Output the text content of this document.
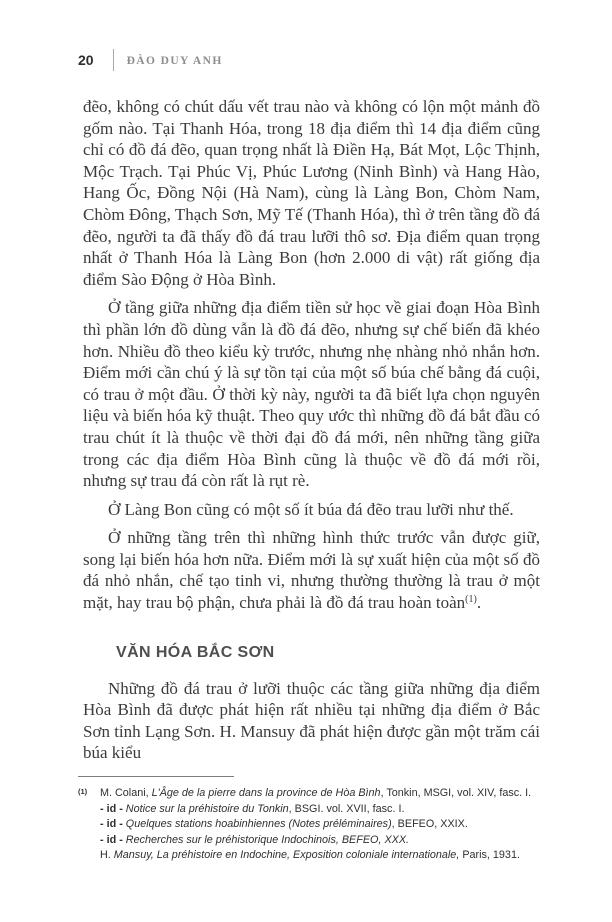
20	ĐÀO DUY ANH

đẽo, không có chút dấu vết trau nào và không có lộn một mảnh đồ gốm nào. Tại Thanh Hóa, trong 18 địa điểm thì 14 địa điểm cũng chỉ có đồ đá đẽo, quan trọng nhất là Điền Hạ, Bát Mọt, Lộc Thịnh, Mộc Trạch. Tại Phúc Vị, Phúc Lương (Ninh Bình) và Hang Hào, Hang Ốc, Đồng Nội (Hà Nam), cùng là Làng Bon, Chòm Nam, Chòm Đông, Thạch Sơn, Mỹ Tế (Thanh Hóa), thì ở trên tầng đồ đá đẽo, người ta đã thấy đồ đá trau lưỡi thô sơ. Địa điểm quan trọng nhất ở Thanh Hóa là Làng Bon (hơn 2.000 di vật) rất giống địa điểm Sào Động ở Hòa Bình.

Ở tầng giữa những địa điểm tiền sử học về giai đoạn Hòa Bình thì phần lớn đồ dùng vẫn là đồ đá đẽo, nhưng sự chế biến đã khéo hơn. Nhiều đồ theo kiểu kỳ trước, nhưng nhẹ nhàng nhỏ nhắn hơn. Điểm mới cần chú ý là sự tồn tại của một số búa chế bằng đá cuội, có trau ở một đầu. Ở thời kỳ này, người ta đã biết lựa chọn nguyên liệu và biến hóa kỹ thuật. Theo quy ước thì những đồ đá bắt đầu có trau chút ít là thuộc về thời đại đồ đá mới, nên những tầng giữa trong các địa điểm Hòa Bình cũng là thuộc về đồ đá mới rồi, nhưng sự trau đá còn rất là rụt rè.

Ở Làng Bon cũng có một số ít búa đá đẽo trau lưỡi như thế.

Ở những tầng trên thì những hình thức trước vẫn được giữ, song lại biến hóa hơn nữa. Điểm mới là sự xuất hiện của một số đồ đá nhỏ nhắn, chế tạo tinh vi, nhưng thường thường là trau ở một mặt, hay trau bộ phận, chưa phải là đồ đá trau hoàn toàn$^{(1)}$.

VĂN HÓA BẮC SƠN

Những đồ đá trau ở lưỡi thuộc các tầng giữa những địa điểm Hòa Bình đã được phát hiện rất nhiều tại những địa điểm ở Bắc Sơn tỉnh Lạng Sơn. H. Mansuy đã phát hiện được gần một trăm cái búa kiểu

(1) M. Colani, L'Âge de la pierre dans la province de Hòa Bình, Tonkin, MSGI, vol. XIV, fasc. I.
- id - Notice sur la préhistoire du Tonkin, BSGI. vol. XVII, fasc. I.
- id - Quelques stations hoabinhiennes (Notes préléminaires), BEFEO, XXIX.
- id - Recherches sur le préhistorique Indochinois, BEFEO, XXX.
H. Mansuy, La préhistoire en Indochine, Exposition coloniale internationale, Paris, 1931.
